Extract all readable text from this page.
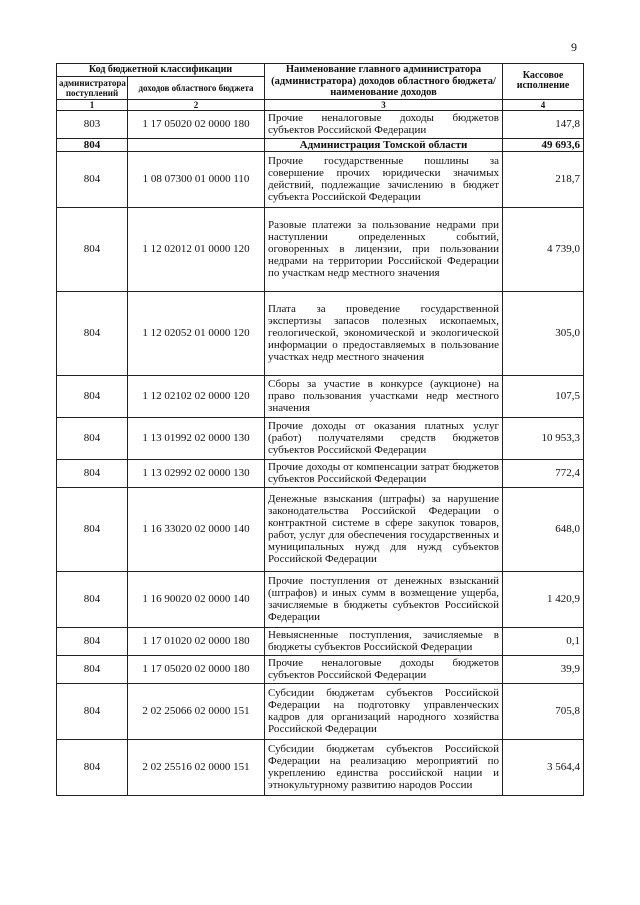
9
Код бюджетной классификации		Наименование главного администратора (администратора) доходов областного бюджета/ наименование доходов	Кассовое исполнение
администратора поступлений	доходов областного бюджета		
1	2	3	4
803	1 17 05020 02 0000 180	Прочие неналоговые доходы бюджетов субъектов Российской Федерации	147,8
804		Администрация Томской области	49 693,6
804	1 08 07300 01 0000 110	Прочие государственные пошлины за совершение прочих юридически значимых действий, подлежащие зачислению в бюджет субъекта Российской Федерации	218,7
804	1 12 02012 01 0000 120	Разовые платежи за пользование недрами при наступлении определенных событий, оговоренных в лицензии, при пользовании недрами на территории Российской Федерации по участкам недр местного значения	4 739,0
804	1 12 02052 01 0000 120	Плата за проведение государственной экспертизы запасов полезных ископаемых, геологической, экономической и экологической информации о предоставляемых в пользование участках недр местного значения	305,0
804	1 12 02102 02 0000 120	Сборы за участие в конкурсе (аукционе) на право пользования участками недр местного значения	107,5
804	1 13 01992 02 0000 130	Прочие доходы от оказания платных услуг (работ) получателями средств бюджетов субъектов Российской Федерации	10 953,3
804	1 13 02992 02 0000 130	Прочие доходы от компенсации затрат бюджетов субъектов Российской Федерации	772,4
804	1 16 33020 02 0000 140	Денежные взыскания (штрафы) за нарушение законодательства Российской Федерации о контрактной системе в сфере закупок товаров, работ, услуг для обеспечения государственных и муниципальных нужд для нужд субъектов Российской Федерации	648,0
804	1 16 90020 02 0000 140	Прочие поступления от денежных взысканий (штрафов) и иных сумм в возмещение ущерба, зачисляемые в бюджеты субъектов Российской Федерации	1 420,9
804	1 17 01020 02 0000 180	Невыясненные поступления, зачисляемые в бюджеты субъектов Российской Федерации	0,1
804	1 17 05020 02 0000 180	Прочие неналоговые доходы бюджетов субъектов Российской Федерации	39,9
804	2 02 25066 02 0000 151	Субсидии бюджетам субъектов Российской Федерации на подготовку управленческих кадров для организаций народного хозяйства Российской Федерации	705,8
804	2 02 25516 02 0000 151	Субсидии бюджетам субъектов Российской Федерации на реализацию мероприятий по укреплению единства российской нации и этнокультурному развитию народов России	3 564,4
